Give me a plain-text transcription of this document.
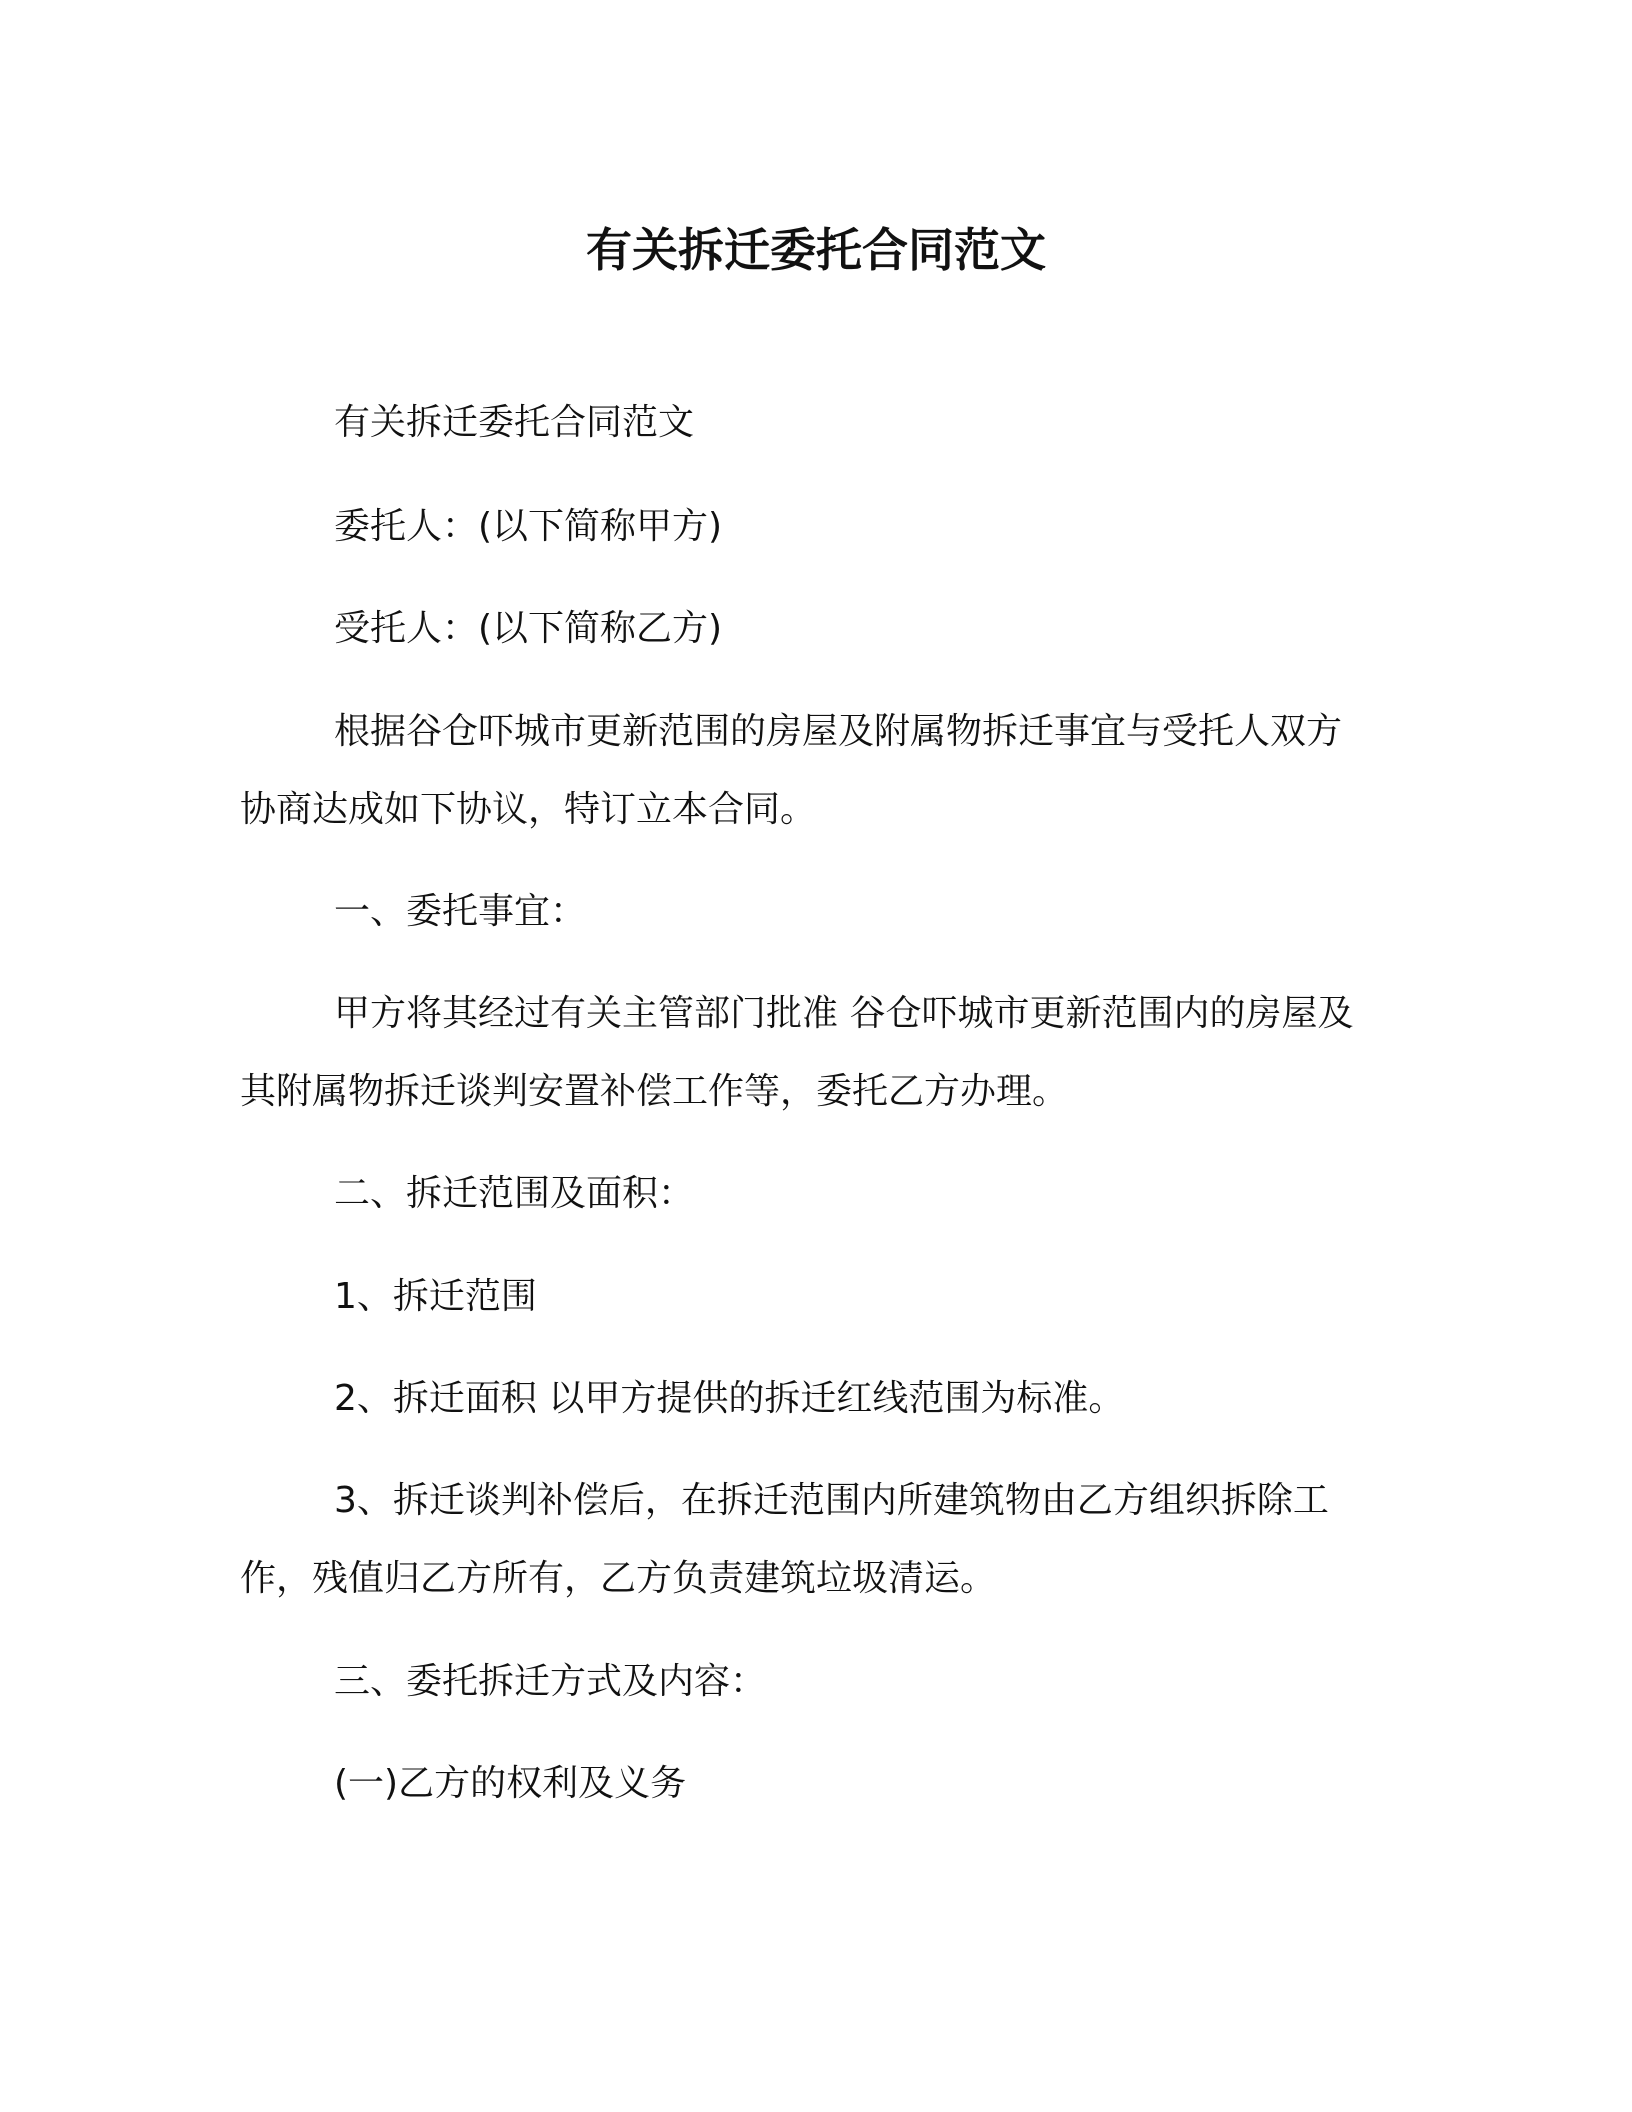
有关拆迁委托合同范文
有关拆迁委托合同范文
委托人：(以下简称甲方)
受托人：(以下简称乙方)
根据谷仓吓城市更新范围的房屋及附属物拆迁事宜与受托人双方
协商达成如下协议，特订立本合同。
一、委托事宜：
甲方将其经过有关主管部门批准 谷仓吓城市更新范围内的房屋及
其附属物拆迁谈判安置补偿工作等，委托乙方办理。
二、拆迁范围及面积：
1、拆迁范围
2、拆迁面积 以甲方提供的拆迁红线范围为标准。
3、拆迁谈判补偿后，在拆迁范围内所建筑物由乙方组织拆除工
作，残值归乙方所有，乙方负责建筑垃圾清运。
三、委托拆迁方式及内容：
(一)乙方的权利及义务
